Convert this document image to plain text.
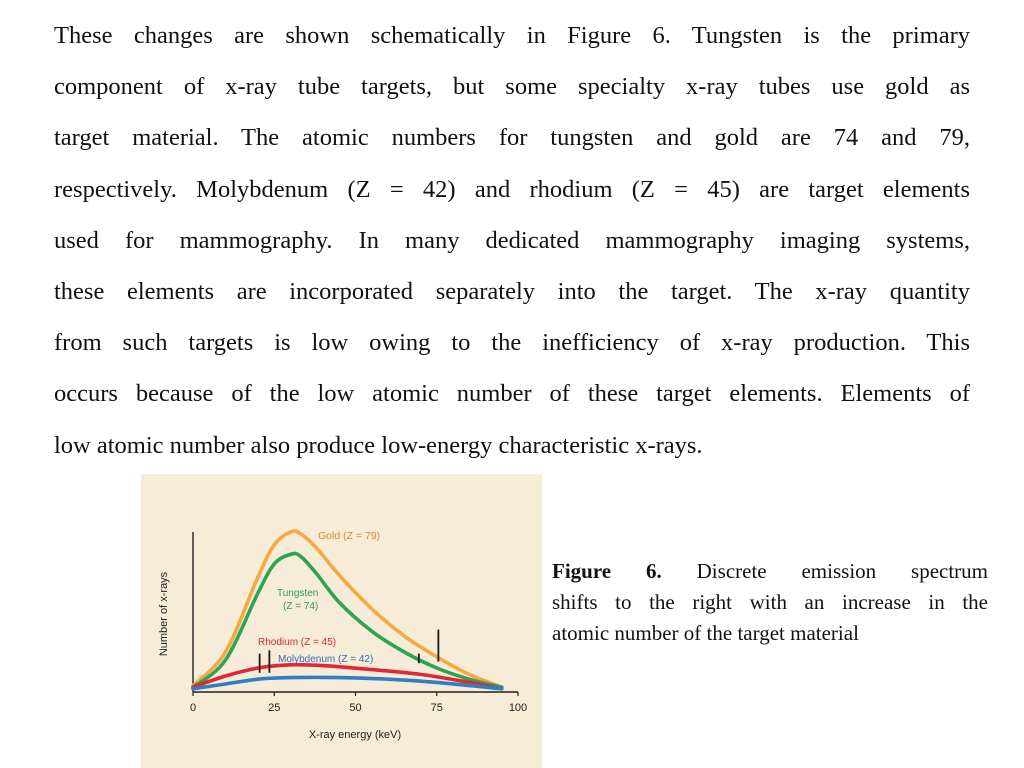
These changes are shown schematically in Figure 6. Tungsten is the primary
component of x-ray tube targets, but some specialty x-ray tubes use gold as
target material. The atomic numbers for tungsten and gold are 74 and 79,
respectively. Molybdenum (Z = 42) and rhodium (Z = 45) are target elements
used for mammography. In many dedicated mammography imaging systems,
these elements are incorporated separately into the target. The x-ray quantity
from such targets is low owing to the inefficiency of x-ray production. This
occurs because of the low atomic number of these target elements. Elements of
low atomic number also produce low-energy characteristic x-rays.
Number of x-rays
X-ray energy (keV)
0	25	50	75	100
Gold (Z = 79)
Tungsten
(Z = 74)
Rhodium (Z = 45)
Molybdenum (Z = 42)
Figure 6. Discrete emission spectrum
shifts to the right with an increase in the
atomic number of the target material
